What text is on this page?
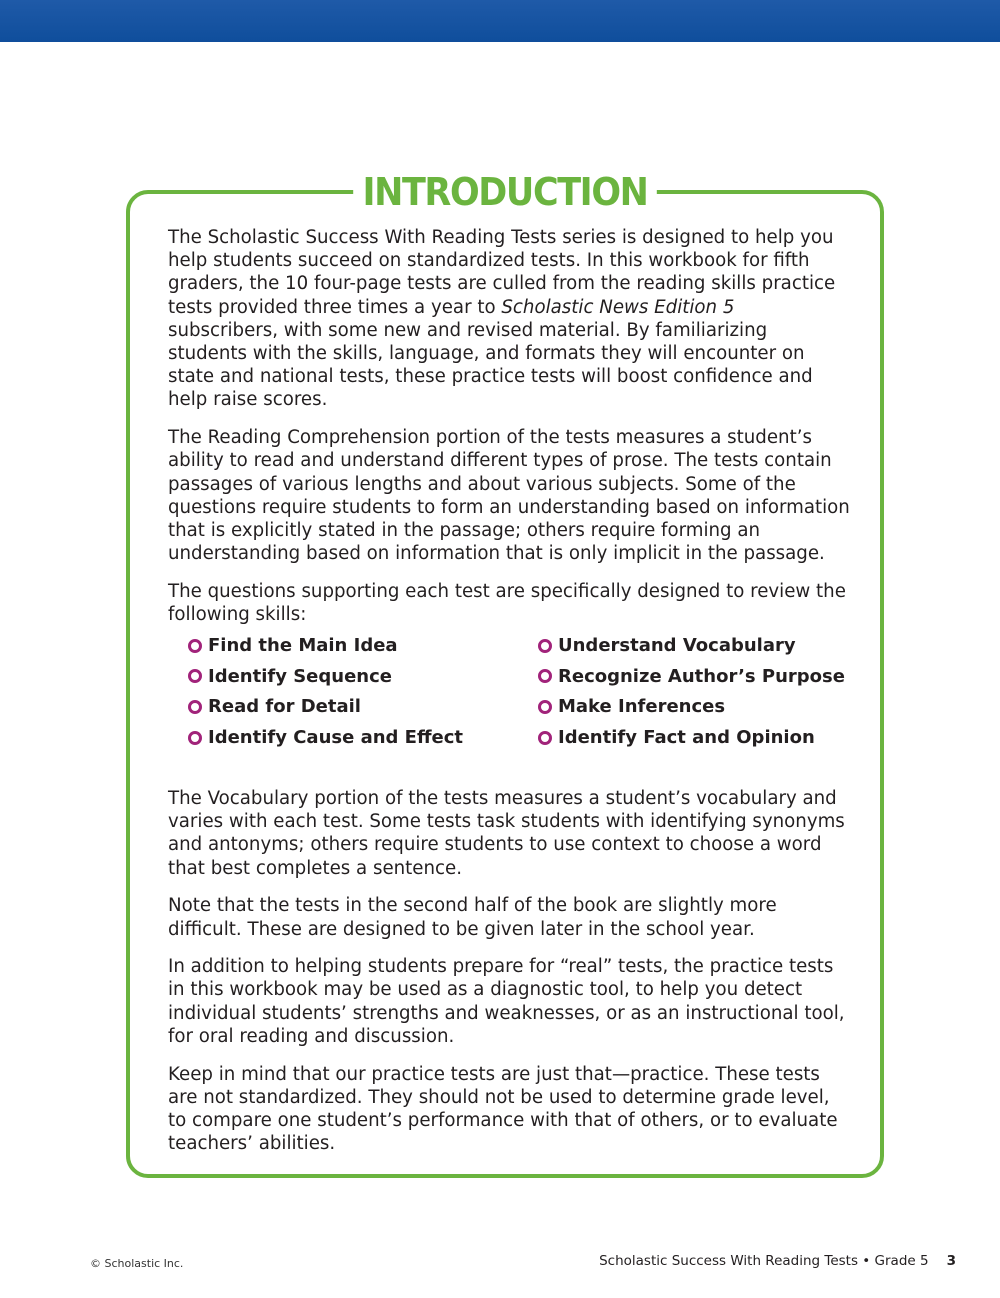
INTRODUCTION

The Scholastic Success With Reading Tests series is designed to help you help students succeed on standardized tests. In this workbook for fifth graders, the 10 four-page tests are culled from the reading skills practice tests provided three times a year to Scholastic News Edition 5 subscribers, with some new and revised material. By familiarizing students with the skills, language, and formats they will encounter on state and national tests, these practice tests will boost confidence and help raise scores.

The Reading Comprehension portion of the tests measures a student’s ability to read and understand different types of prose. The tests contain passages of various lengths and about various subjects. Some of the questions require students to form an understanding based on information that is explicitly stated in the passage; others require forming an understanding based on information that is only implicit in the passage.

The questions supporting each test are specifically designed to review the following skills:

Find the Main Idea	Understand Vocabulary
Identify Sequence	Recognize Author’s Purpose
Read for Detail	Make Inferences
Identify Cause and Effect	Identify Fact and Opinion

The Vocabulary portion of the tests measures a student’s vocabulary and varies with each test. Some tests task students with identifying synonyms and antonyms; others require students to use context to choose a word that best completes a sentence.

Note that the tests in the second half of the book are slightly more difficult. These are designed to be given later in the school year.

In addition to helping students prepare for “real” tests, the practice tests in this workbook may be used as a diagnostic tool, to help you detect individual students’ strengths and weaknesses, or as an instructional tool, for oral reading and discussion.

Keep in mind that our practice tests are just that—practice. These tests are not standardized. They should not be used to determine grade level, to compare one student’s performance with that of others, or to evaluate teachers’ abilities.

© Scholastic Inc.	Scholastic Success With Reading Tests • Grade 5 3
